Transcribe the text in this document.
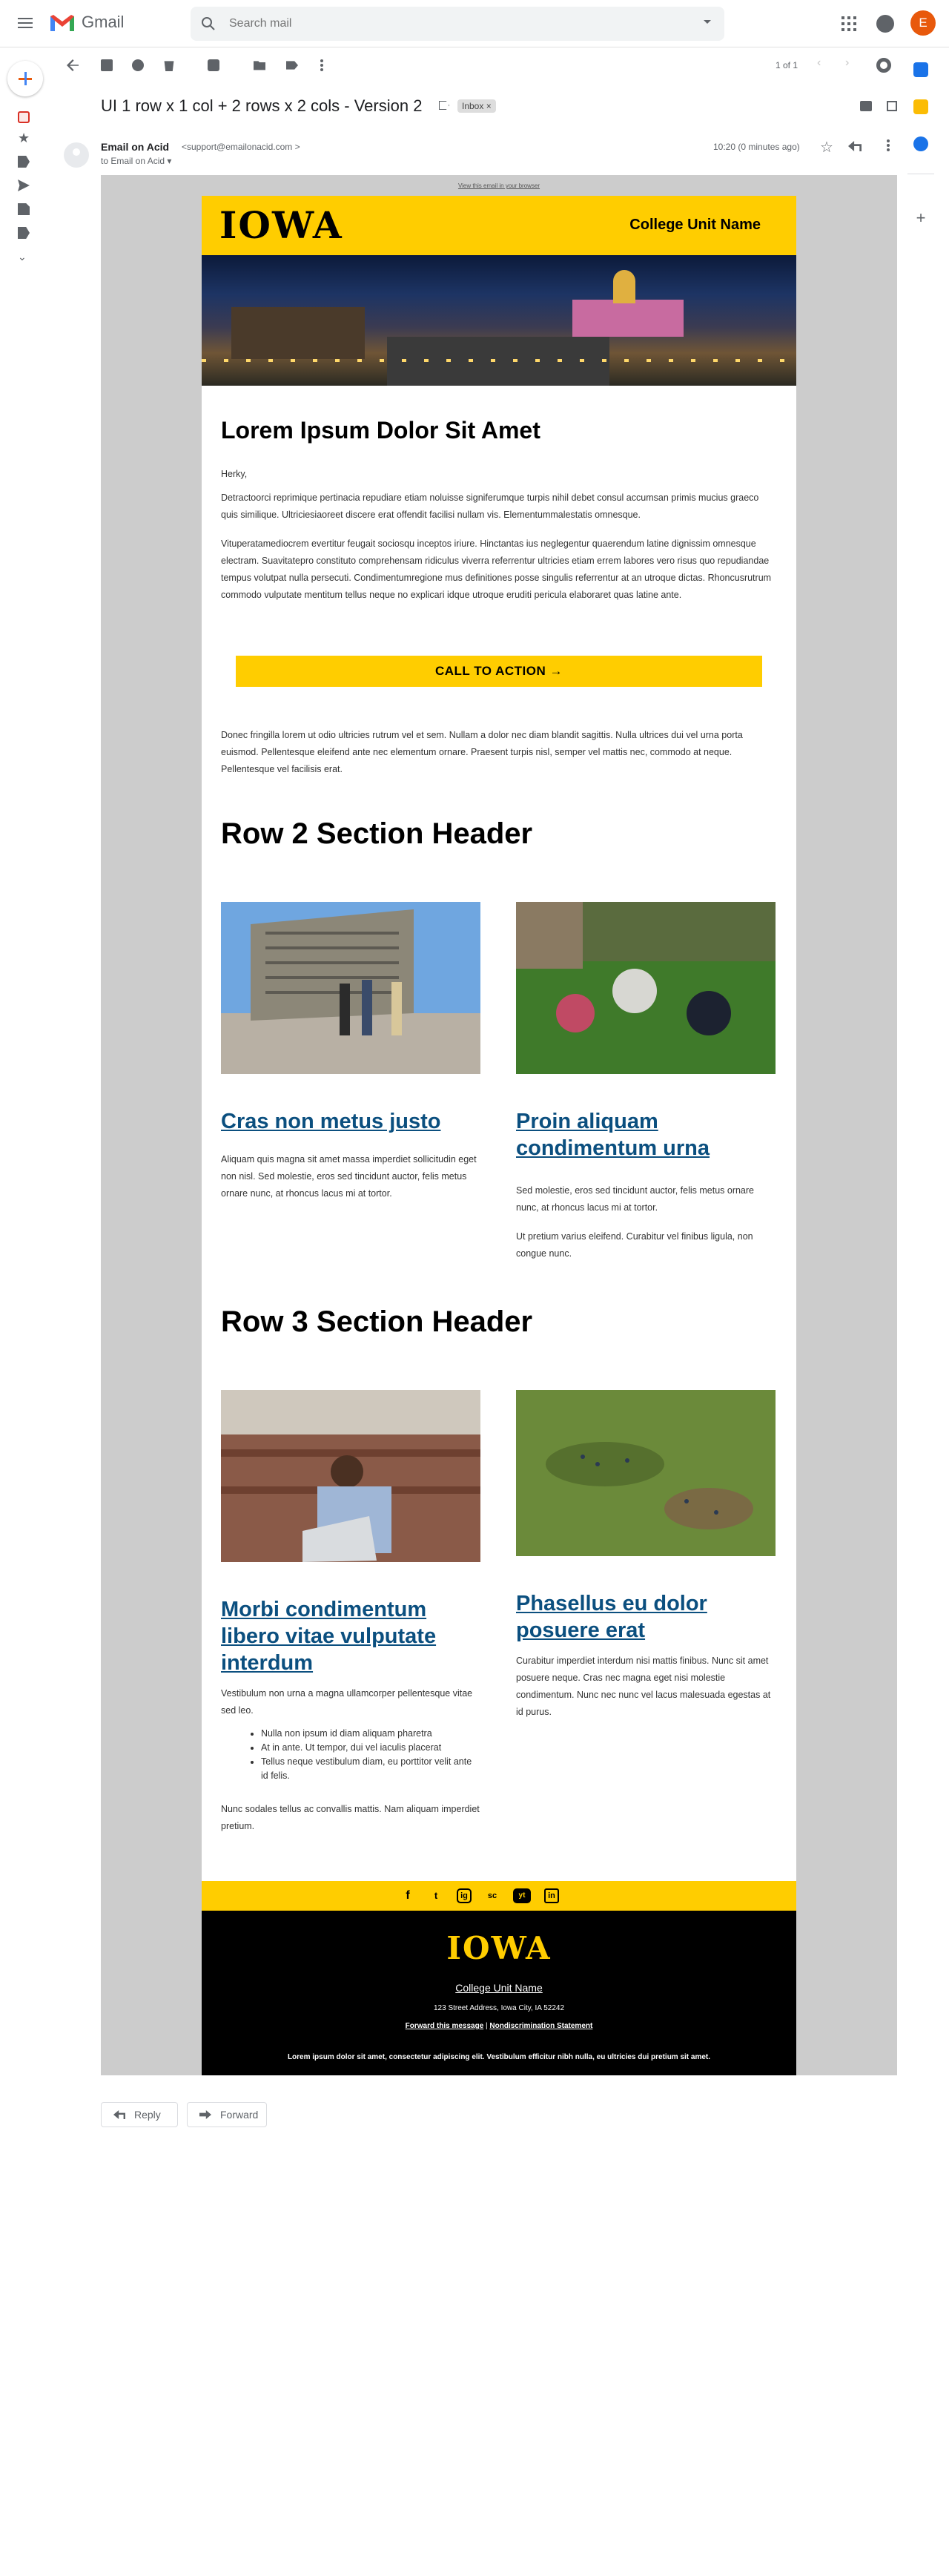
Gmail
Search mail	E
★
⌄
+
1 of 1 ‹ ›
UI 1 row x 1 col + 2 rows x 2 cols - Version 2	Inbox ×
Email on Acid <support@emailonacid.com >
to Email on Acid ▾
10:20 (0 minutes ago) ☆
View this email in your browser
IOWA	College Unit Name
Lorem Ipsum Dolor Sit Amet
Herky,
Detractoorci reprimique pertinacia repudiare etiam noluisse signiferumque turpis nihil debet consul accumsan primis mucius graeco quis similique. Ultriciesiaoreet discere erat offendit facilisi nullam vis. Elementummalestatis omnesque.
Vituperatamediocrem evertitur feugait sociosqu inceptos iriure. Hinctantas ius neglegentur quaerendum latine dignissim omnesque electram. Suavitatepro constituto comprehensam ridiculus viverra referrentur ultricies etiam errem labores vero risus quo repudiandae tempus volutpat nulla persecuti. Condimentumregione mus definitiones posse singulis referrentur at an utroque dictas. Rhoncusrutrum commodo vulputate mentitum tellus neque no explicari idque utroque eruditi pericula elaboraret quas latine ante.
CALL TO ACTION →
Donec fringilla lorem ut odio ultricies rutrum vel et sem. Nullam a dolor nec diam blandit sagittis. Nulla ultrices dui vel urna porta euismod. Pellentesque eleifend ante nec elementum ornare. Praesent turpis nisl, semper vel mattis nec, commodo at neque. Pellentesque vel facilisis erat.
Row 2 Section Header
Cras non metus justo
Aliquam quis magna sit amet massa imperdiet sollicitudin eget non nisl. Sed molestie, eros sed tincidunt auctor, felis metus ornare nunc, at rhoncus lacus mi at tortor.
Proin aliquam condimentum urna
Sed molestie, eros sed tincidunt auctor, felis metus ornare nunc, at rhoncus lacus mi at tortor.
Ut pretium varius eleifend. Curabitur vel finibus ligula, non congue nunc.
Row 3 Section Header
Morbi condimentum libero vitae vulputate interdum
Vestibulum non urna a magna ullamcorper pellentesque vitae sed leo.
• Nulla non ipsum id diam aliquam pharetra
• At in ante. Ut tempor, dui vel iaculis placerat
• Tellus neque vestibulum diam, eu porttitor velit ante id felis.
Nunc sodales tellus ac convallis mattis. Nam aliquam imperdiet pretium.
Phasellus eu dolor posuere erat
Curabitur imperdiet interdum nisi mattis finibus. Nunc sit amet posuere neque. Cras nec magna eget nisi molestie condimentum. Nunc nec nunc vel lacus malesuada egestas at id purus.
f	t	ig	sc	yt	in
IOWA
College Unit Name
123 Street Address, Iowa City, IA 52242
Forward this message | Nondiscrimination Statement
Lorem ipsum dolor sit amet, consectetur adipiscing elit. Vestibulum efficitur nibh nulla, eu ultricies dui pretium sit amet.
Reply	Forward
